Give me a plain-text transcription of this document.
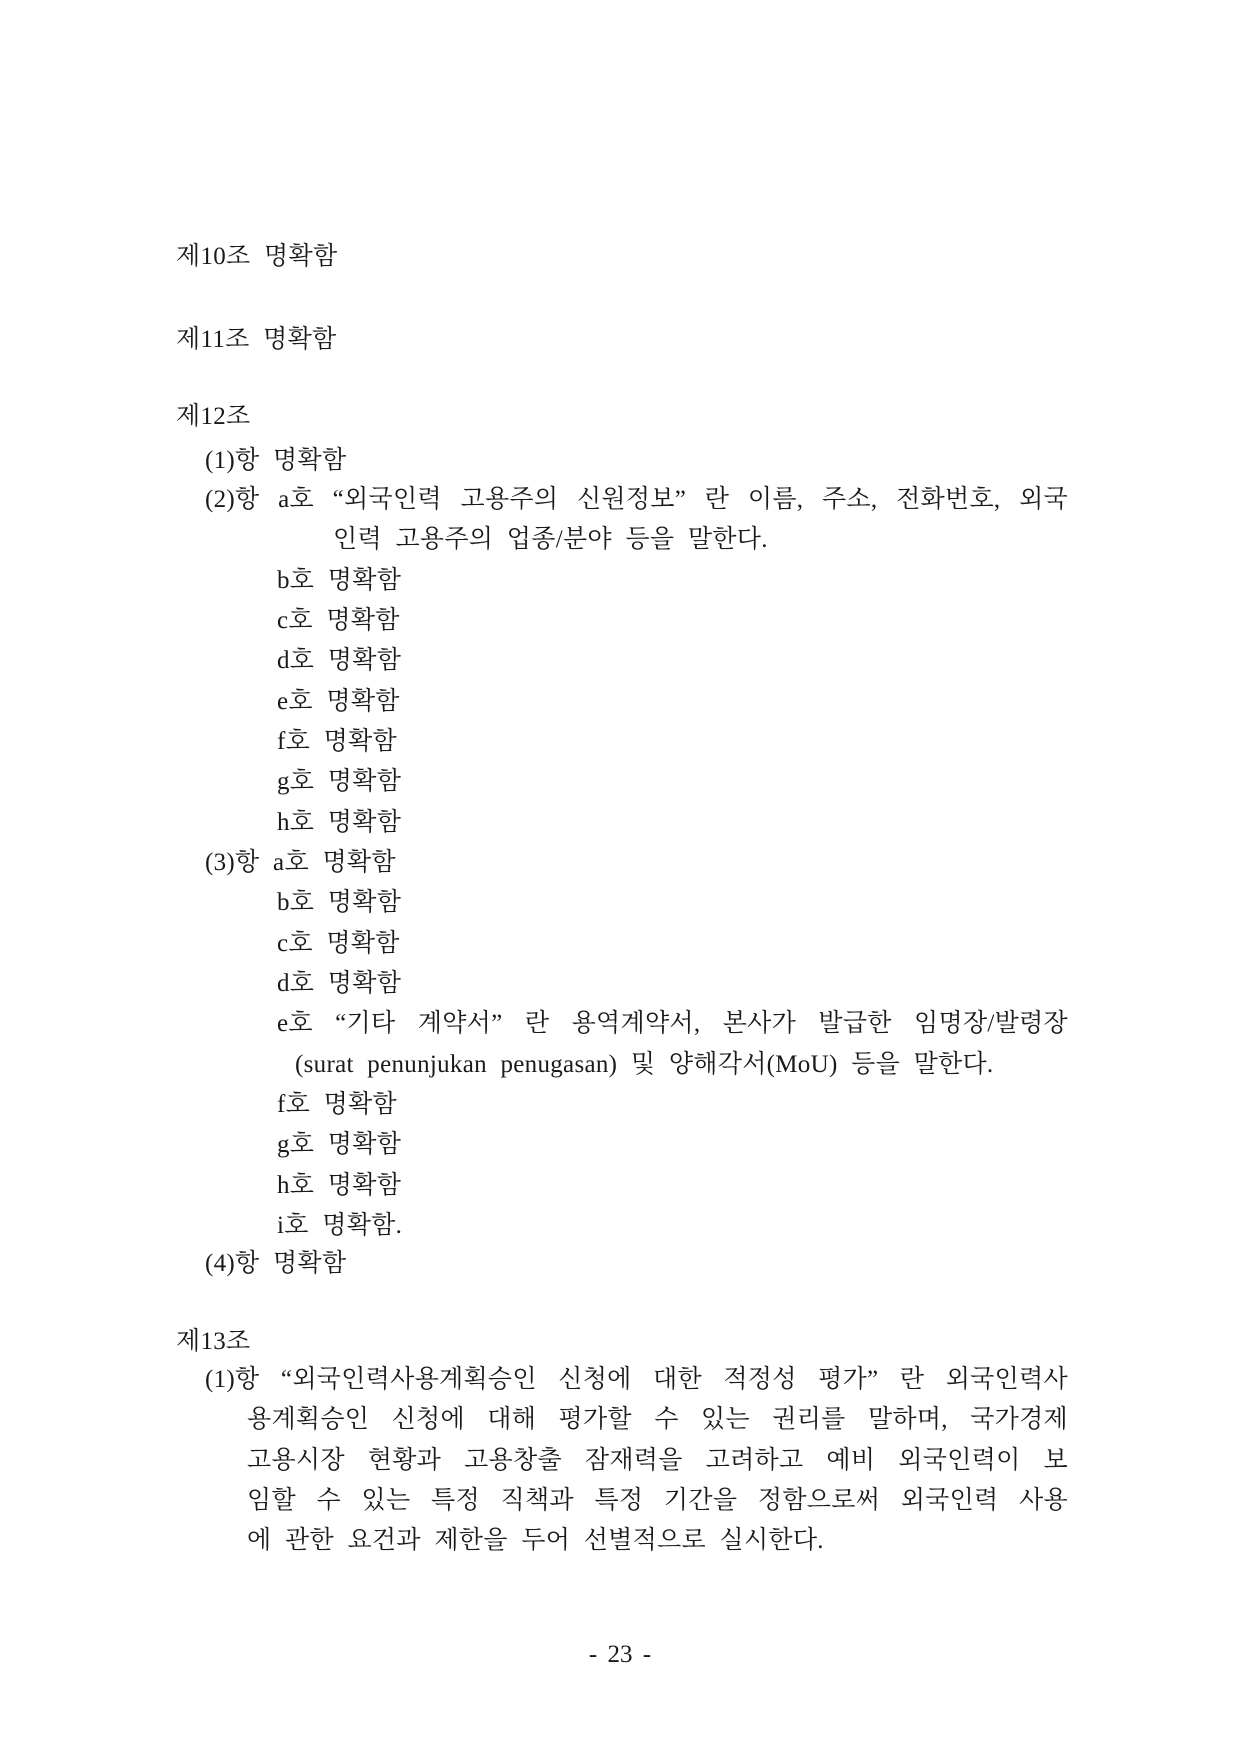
제10조 명확함
제11조 명확함
제12조
(1)항 명확함
(2)항 a호 “외국인력 고용주의 신원정보” 란 이름, 주소, 전화번호, 외국
인력 고용주의 업종/분야 등을 말한다.
b호 명확함
c호 명확함
d호 명확함
e호 명확함
f호 명확함
g호 명확함
h호 명확함
(3)항 a호 명확함
b호 명확함
c호 명확함
d호 명확함
e호 “기타 계약서” 란 용역계약서, 본사가 발급한 임명장/발령장
(surat penunjukan penugasan) 및 양해각서(MoU) 등을 말한다.
f호 명확함
g호 명확함
h호 명확함
i호 명확함.
(4)항 명확함
제13조
(1)항 “외국인력사용계획승인 신청에 대한 적정성 평가” 란 외국인력사
용계획승인 신청에 대해 평가할 수 있는 권리를 말하며, 국가경제
고용시장 현황과 고용창출 잠재력을 고려하고 예비 외국인력이 보
임할 수 있는 특정 직책과 특정 기간을 정함으로써 외국인력 사용
에 관한 요건과 제한을 두어 선별적으로 실시한다.
- 23 -
